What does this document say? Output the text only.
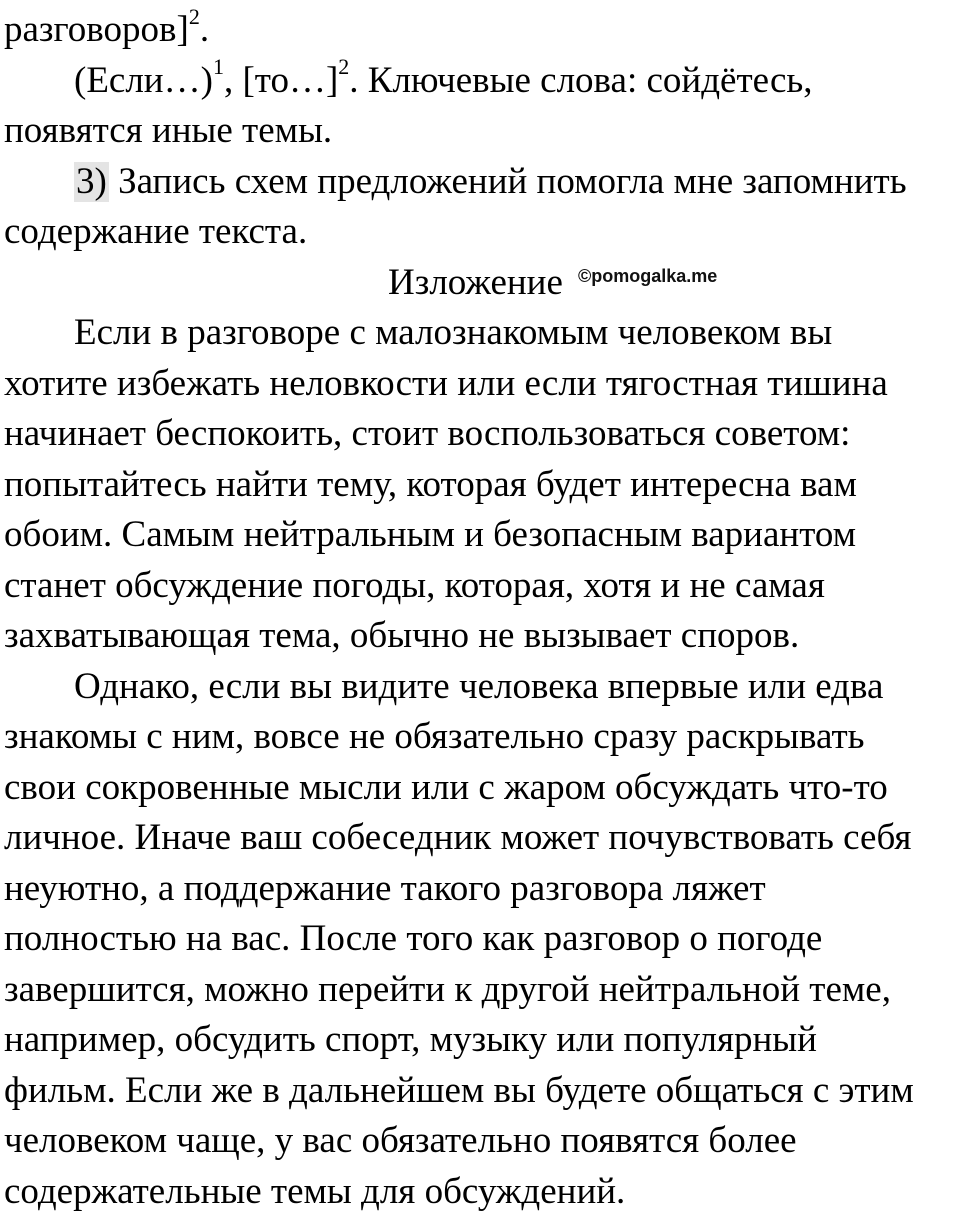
разговоров]$^2$.
(Если…)$^1$, [то…]$^2$. Ключевые слова: сойдётесь,
появятся иные темы.
3) Запись схем предложений помогла мне запомнить
содержание текста.
Изложение
Если в разговоре с малознакомым человеком вы
хотите избежать неловкости или если тягостная тишина
начинает беспокоить, стоит воспользоваться советом:
попытайтесь найти тему, которая будет интересна вам
обоим. Самым нейтральным и безопасным вариантом
станет обсуждение погоды, которая, хотя и не самая
захватывающая тема, обычно не вызывает споров.
Однако, если вы видите человека впервые или едва
знакомы с ним, вовсе не обязательно сразу раскрывать
свои сокровенные мысли или с жаром обсуждать что-то
личное. Иначе ваш собеседник может почувствовать себя
неуютно, а поддержание такого разговора ляжет
полностью на вас. После того как разговор о погоде
завершится, можно перейти к другой нейтральной теме,
например, обсудить спорт, музыку или популярный
фильм. Если же в дальнейшем вы будете общаться с этим
человеком чаще, у вас обязательно появятся более
содержательные темы для обсуждений.
©pomogalka.me
